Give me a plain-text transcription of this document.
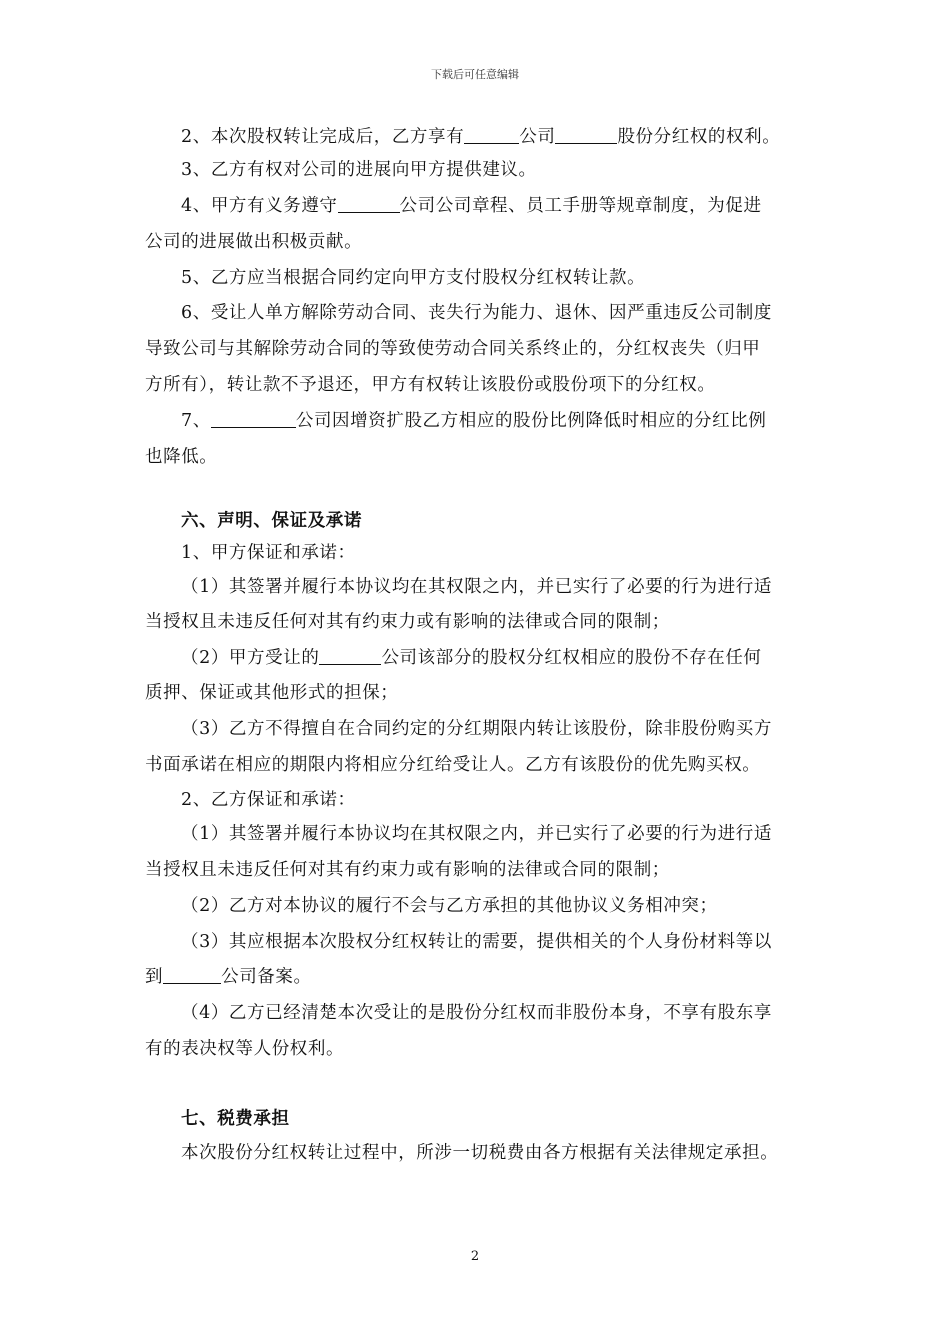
下载后可任意编辑
2、本次股权转让完成后，乙方享有	公司	股份分红权的权利。
3、乙方有权对公司的进展向甲方提供建议。
4、甲方有义务遵守	公司公司章程、员工手册等规章制度，为促进
公司的进展做出积极贡献。
5、乙方应当根据合同约定向甲方支付股权分红权转让款。
6、受让人单方解除劳动合同、丧失行为能力、退休、因严重违反公司制度
导致公司与其解除劳动合同的等致使劳动合同关系终止的，分红权丧失（归甲
方所有），转让款不予退还，甲方有权转让该股份或股份项下的分红权。
7、	公司因增资扩股乙方相应的股份比例降低时相应的分红比例
也降低。
六、声明、保证及承诺
1、甲方保证和承诺：
（1）其签署并履行本协议均在其权限之内，并已实行了必要的行为进行适
当授权且未违反任何对其有约束力或有影响的法律或合同的限制；
（2）甲方受让的	公司该部分的股权分红权相应的股份不存在任何
质押、保证或其他形式的担保；
（3）乙方不得擅自在合同约定的分红期限内转让该股份，除非股份购买方
书面承诺在相应的期限内将相应分红给受让人。乙方有该股份的优先购买权。
2、乙方保证和承诺：
（1）其签署并履行本协议均在其权限之内，并已实行了必要的行为进行适
当授权且未违反任何对其有约束力或有影响的法律或合同的限制；
（2）乙方对本协议的履行不会与乙方承担的其他协议义务相冲突；
（3）其应根据本次股权分红权转让的需要，提供相关的个人身份材料等以
到	公司备案。
（4）乙方已经清楚本次受让的是股份分红权而非股份本身，不享有股东享
有的表决权等人份权利。
七、税费承担
本次股份分红权转让过程中，所涉一切税费由各方根据有关法律规定承担。
2
